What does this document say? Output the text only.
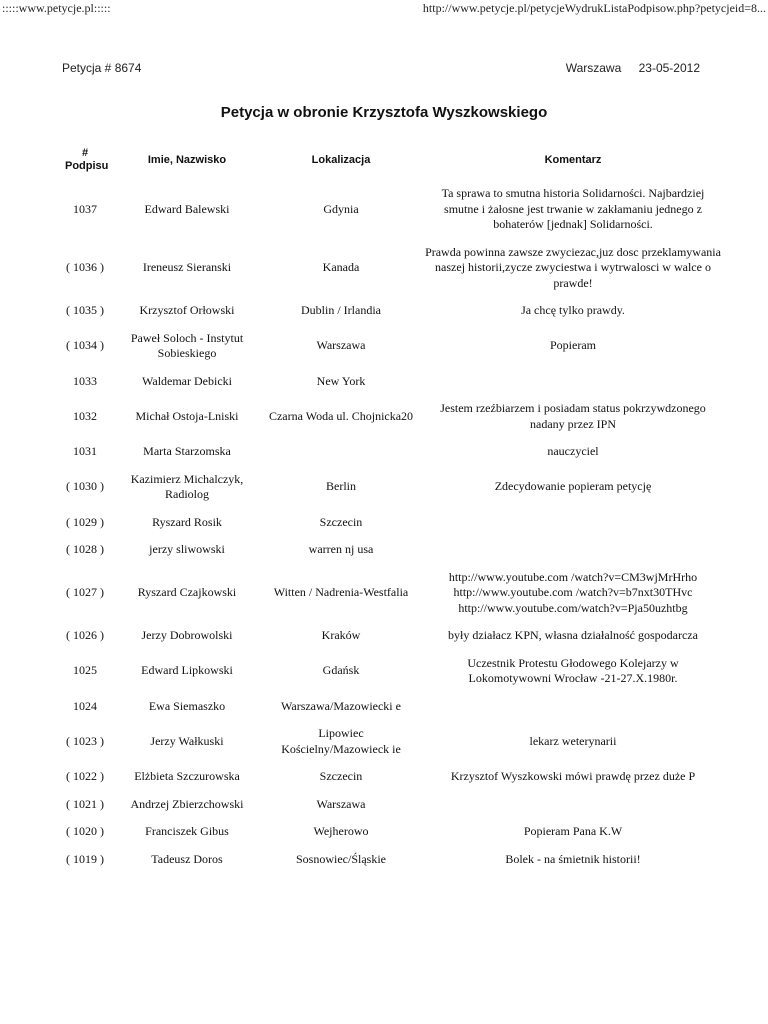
:::::www.petycje.pl:::::	http://www.petycje.pl/petycjeWydrukListaPodpisow.php?petycjeid=8...
Petycja # 8674	Warszawa 23-05-2012
Petycja w obronie Krzysztofa Wyszkowskiego
# Podpisu	Imie, Nazwisko	Lokalizacja	Komentarz
1037	Edward Balewski	Gdynia	Ta sprawa to smutna historia Solidarności. Najbardziej smutne i żałosne jest trwanie w zakłamaniu jednego z bohaterów [jednak] Solidarności.
( 1036 )	Ireneusz Sieranski	Kanada	Prawda powinna zawsze zwyciezac,juz dosc przeklamywania naszej historii,zycze zwyciestwa i wytrwalosci w walce o prawde!
( 1035 )	Krzysztof Orłowski	Dublin / Irlandia	Ja chcę tylko prawdy.
( 1034 )	Paweł Soloch - Instytut Sobieskiego	Warszawa	Popieram
1033	Waldemar Debicki	New York	
1032	Michał Ostoja-Lniski	Czarna Woda ul. Chojnicka20	Jestem rzeźbiarzem i posiadam status pokrzywdzonego nadany przez IPN
1031	Marta Starzomska		nauczyciel
( 1030 )	Kazimierz Michalczyk, Radiolog	Berlin	Zdecydowanie popieram petycję
( 1029 )	Ryszard Rosik	Szczecin	
( 1028 )	jerzy sliwowski	warren nj usa	
( 1027 )	Ryszard Czajkowski	Witten / Nadrenia-Westfalia	http://www.youtube.com /watch?v=CM3wjMrHrho http://www.youtube.com /watch?v=b7nxt30THvc http://www.youtube.com/watch?v=Pja50uzhtbg
( 1026 )	Jerzy Dobrowolski	Kraków	były działacz KPN, własna działalność gospodarcza
1025	Edward Lipkowski	Gdańsk	Uczestnik Protestu Głodowego Kolejarzy w Lokomotywowni Wrocław -21-27.X.1980r.
1024	Ewa Siemaszko	Warszawa/Mazowiecki e	
( 1023 )	Jerzy Wałkuski	Lipowiec Kościelny/Mazowieck ie	lekarz weterynarii
( 1022 )	Elżbieta Szczurowska	Szczecin	Krzysztof Wyszkowski mówi prawdę przez duże P
( 1021 )	Andrzej Zbierzchowski	Warszawa	
( 1020 )	Franciszek Gibus	Wejherowo	Popieram Pana K.W
( 1019 )	Tadeusz Doros	Sosnowiec/Śląskie	Bolek - na śmietnik historii!
